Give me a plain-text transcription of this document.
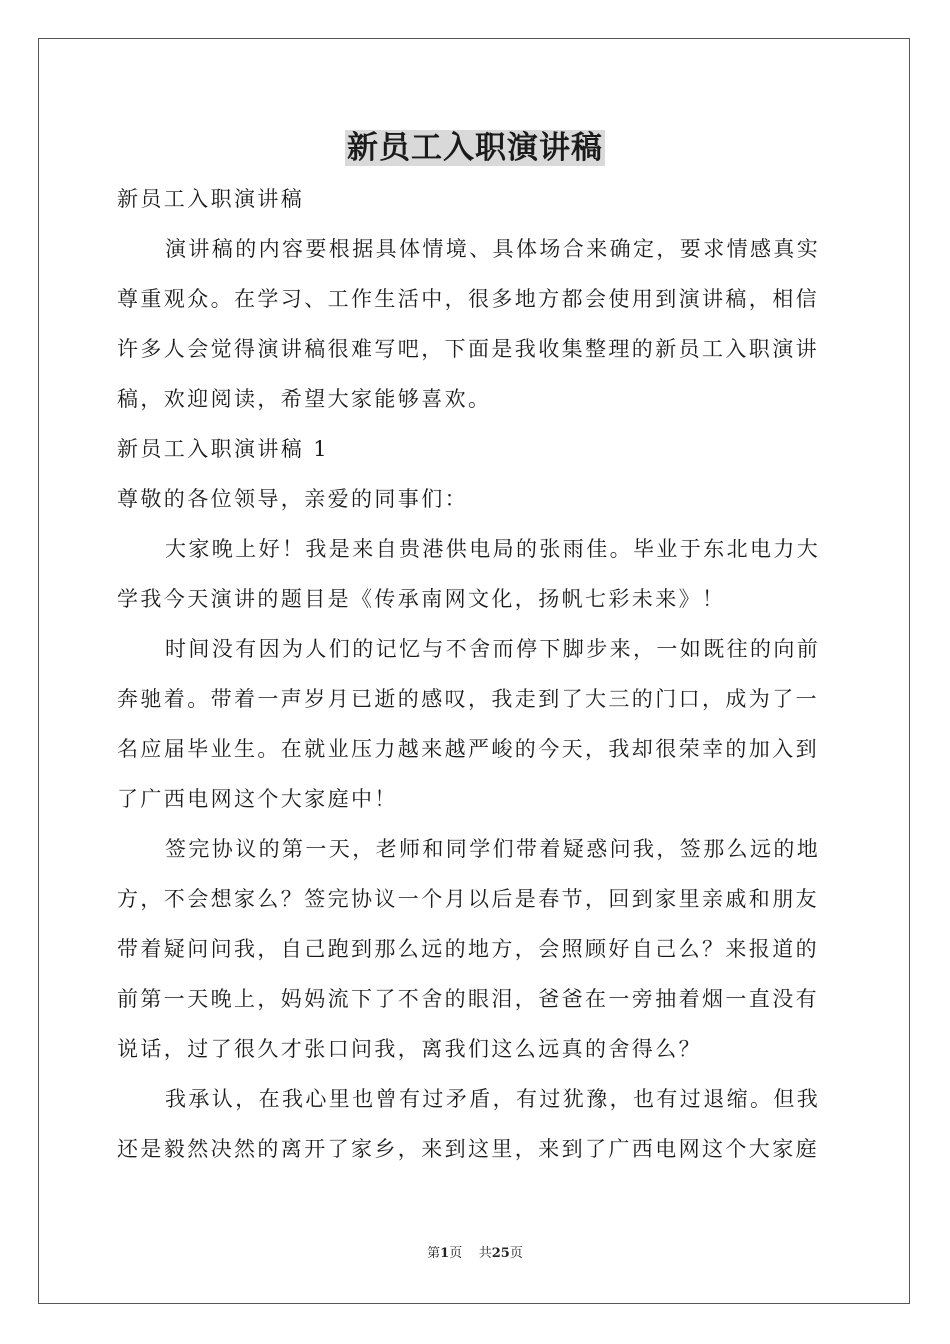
新员工入职演讲稿

新员工入职演讲稿

演讲稿的内容要根据具体情境、具体场合来确定，要求情感真实

尊重观众。在学习、工作生活中，很多地方都会使用到演讲稿，相信

许多人会觉得演讲稿很难写吧，下面是我收集整理的新员工入职演讲

稿，欢迎阅读，希望大家能够喜欢。

新员工入职演讲稿 1

尊敬的各位领导，亲爱的同事们：

大家晚上好！我是来自贵港供电局的张雨佳。毕业于东北电力大

学我今天演讲的题目是《传承南网文化，扬帆七彩未来》！

时间没有因为人们的记忆与不舍而停下脚步来，一如既往的向前

奔驰着。带着一声岁月已逝的感叹，我走到了大三的门口，成为了一

名应届毕业生。在就业压力越来越严峻的今天，我却很荣幸的加入到

了广西电网这个大家庭中！

签完协议的第一天，老师和同学们带着疑惑问我，签那么远的地

方，不会想家么？签完协议一个月以后是春节，回到家里亲戚和朋友

带着疑问问我，自己跑到那么远的地方，会照顾好自己么？来报道的

前第一天晚上，妈妈流下了不舍的眼泪，爸爸在一旁抽着烟一直没有

说话，过了很久才张口问我，离我们这么远真的舍得么？

我承认，在我心里也曾有过矛盾，有过犹豫，也有过退缩。但我

还是毅然决然的离开了家乡，来到这里，来到了广西电网这个大家庭

第1页 共25页
